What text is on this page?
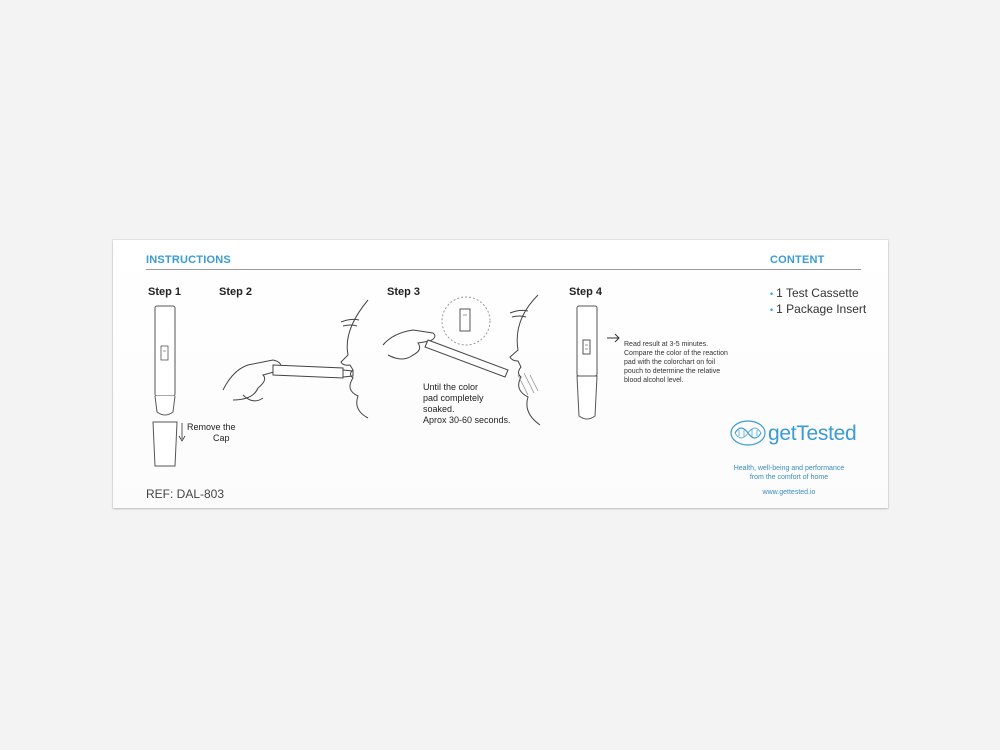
INSTRUCTIONS	CONTENT
Step 1	Step 2	Step 3	Step 4
Remove the
Cap
Until the color
pad completely
soaked.
Aprox 30-60 seconds.
Read result at 3-5 minutes.
Compare the color of the reaction
pad with the colorchart on foil
pouch to determine the relative
blood alcohol level.
• 1 Test Cassette
• 1 Package Insert
getTested
Health, well-being and performance
from the comfort of home
www.gettested.io
REF: DAL-803
